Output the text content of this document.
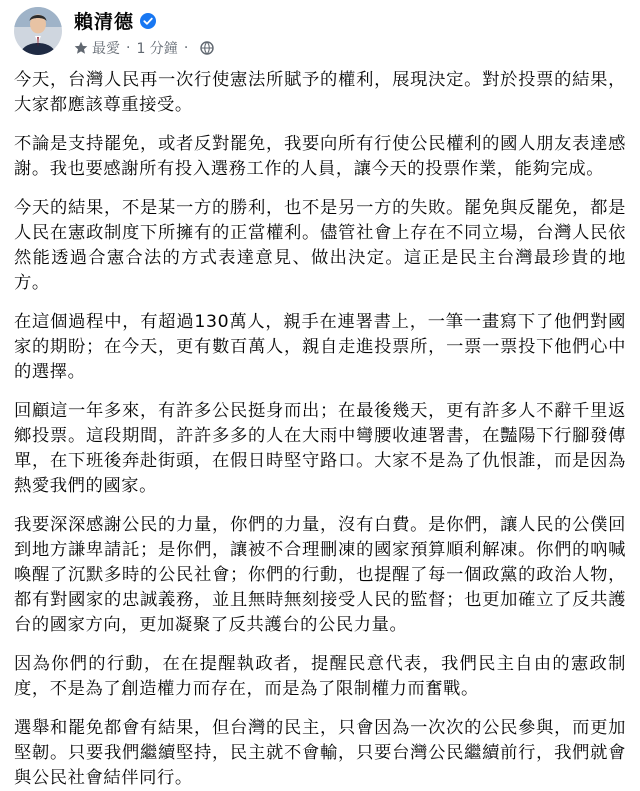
賴清德
最愛 · 1 分鐘 ·

今天，台灣人民再一次行使憲法所賦予的權利，展現決定。對於投票的結果，大家都應該尊重接受。

不論是支持罷免，或者反對罷免，我要向所有行使公民權利的國人朋友表達感謝。我也要感謝所有投入選務工作的人員，讓今天的投票作業，能夠完成。

今天的結果，不是某一方的勝利，也不是另一方的失敗。罷免與反罷免，都是人民在憲政制度下所擁有的正當權利。儘管社會上存在不同立場，台灣人民依然能透過合憲合法的方式表達意見、做出決定。這正是民主台灣最珍貴的地方。

在這個過程中，有超過130萬人，親手在連署書上，一筆一畫寫下了他們對國家的期盼；在今天，更有數百萬人，親自走進投票所，一票一票投下他們心中的選擇。

回顧這一年多來，有許多公民挺身而出；在最後幾天，更有許多人不辭千里返鄉投票。這段期間，許許多多的人在大雨中彎腰收連署書，在豔陽下行腳發傳單，在下班後奔赴街頭，在假日時堅守路口。大家不是為了仇恨誰，而是因為熱愛我們的國家。

我要深深感謝公民的力量，你們的力量，沒有白費。是你們，讓人民的公僕回到地方謙卑請託；是你們，讓被不合理刪凍的國家預算順利解凍。你們的吶喊喚醒了沉默多時的公民社會；你們的行動，也提醒了每一個政黨的政治人物，都有對國家的忠誠義務，並且無時無刻接受人民的監督；也更加確立了反共護台的國家方向，更加凝聚了反共護台的公民力量。

因為你們的行動，在在提醒執政者，提醒民意代表，我們民主自由的憲政制度，不是為了創造權力而存在，而是為了限制權力而奮戰。

選舉和罷免都會有結果，但台灣的民主，只會因為一次次的公民參與，而更加堅韌。只要我們繼續堅持，民主就不會輸，只要台灣公民繼續前行，我們就會與公民社會結伴同行。
